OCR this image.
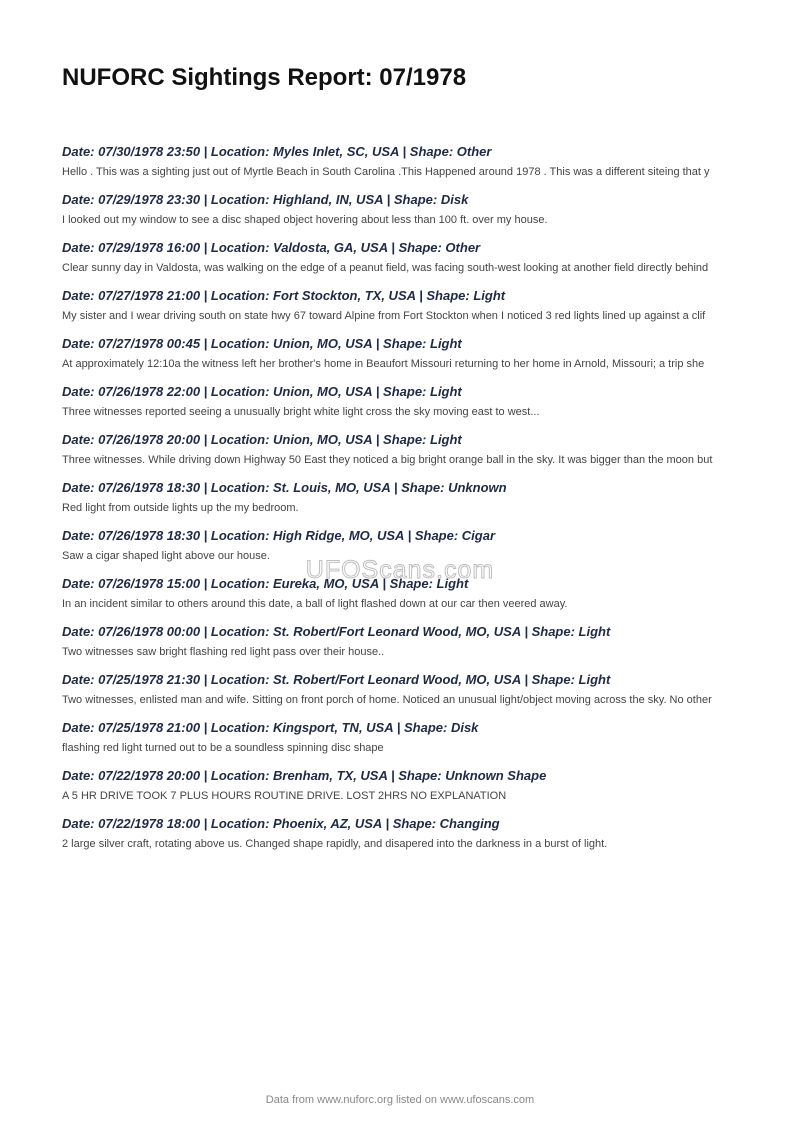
NUFORC Sightings Report: 07/1978
Date: 07/30/1978 23:50 | Location: Myles Inlet, SC, USA | Shape: Other

Hello . This was a sighting just out of Myrtle Beach in South Carolina .This Happened around 1978 . This was a different siteing that y

Date: 07/29/1978 23:30 | Location: Highland, IN, USA | Shape: Disk

I looked out my window to see a disc shaped object hovering about less than 100 ft. over my house.

Date: 07/29/1978 16:00 | Location: Valdosta, GA, USA | Shape: Other

Clear sunny day in Valdosta, was walking on the edge of a peanut field, was facing south-west looking at another field directly behind

Date: 07/27/1978 21:00 | Location: Fort Stockton, TX, USA | Shape: Light

My sister and I wear driving south on state hwy 67 toward Alpine from Fort Stockton when I noticed 3 red lights lined up against a clif

Date: 07/27/1978 00:45 | Location: Union, MO, USA | Shape: Light

At approximately 12:10a the witness left her brother's home in Beaufort Missouri returning to her home in Arnold, Missouri; a trip she

Date: 07/26/1978 22:00 | Location: Union, MO, USA | Shape: Light

Three witnesses reported seeing a unusually bright white light cross the sky moving east to west...

Date: 07/26/1978 20:00 | Location: Union, MO, USA | Shape: Light

Three witnesses. While driving down Highway 50 East they noticed a big bright orange ball in the sky. It was bigger than the moon but

Date: 07/26/1978 18:30 | Location: St. Louis, MO, USA | Shape: Unknown

Red light from outside lights up the my bedroom.

Date: 07/26/1978 18:30 | Location: High Ridge, MO, USA | Shape: Cigar

Saw a cigar shaped light above our house.

Date: 07/26/1978 15:00 | Location: Eureka, MO, USA | Shape: Light

In an incident similar to others around this date, a ball of light flashed down at our car then veered away.

Date: 07/26/1978 00:00 | Location: St. Robert/Fort Leonard Wood, MO, USA | Shape: Light

Two witnesses saw bright flashing red light pass over their house..

Date: 07/25/1978 21:30 | Location: St. Robert/Fort Leonard Wood, MO, USA | Shape: Light

Two witnesses, enlisted man and wife. Sitting on front porch of home. Noticed an unusual light/object moving across the sky. No other

Date: 07/25/1978 21:00 | Location: Kingsport, TN, USA | Shape: Disk

flashing red light turned out to be a soundless spinning disc shape

Date: 07/22/1978 20:00 | Location: Brenham, TX, USA | Shape: Unknown Shape

A 5 HR DRIVE TOOK 7 PLUS HOURS ROUTINE DRIVE. LOST 2HRS NO EXPLANATION

Date: 07/22/1978 18:00 | Location: Phoenix, AZ, USA | Shape: Changing

2 large silver craft, rotating above us. Changed shape rapidly, and disapered into the darkness in a burst of light.

UFOScans.com
Data from www.nuforc.org listed on www.ufoscans.com
